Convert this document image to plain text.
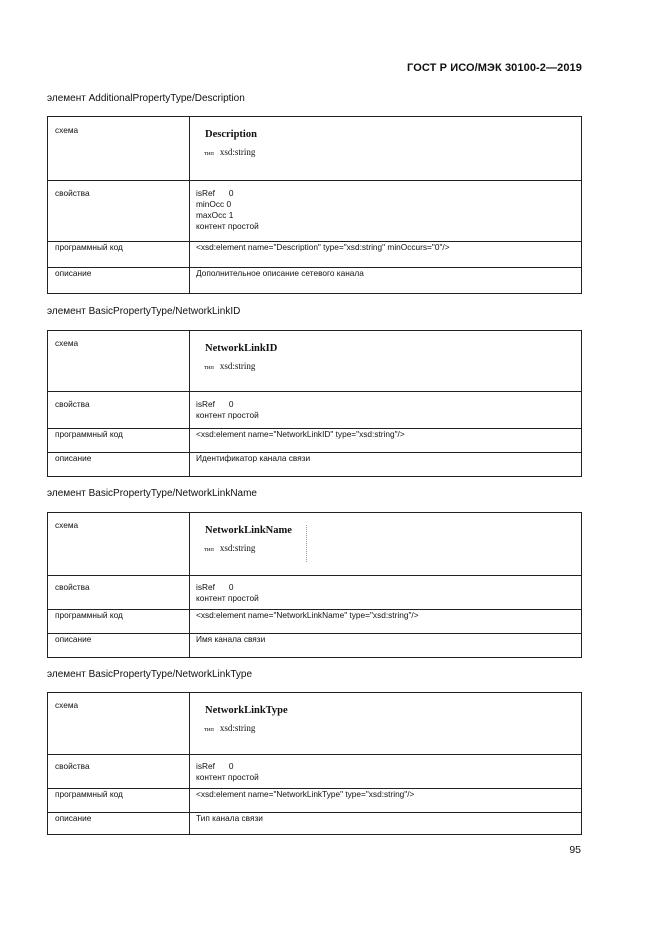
ГОСТ Р ИСО/МЭК 30100-2—2019
элемент AdditionalPropertyType/Description
схема	Description
тип xsd:string

свойства	isRef 0
minOcc 0
maxOcc 1
контент простой

программный код	<xsd:element name="Description" type="xsd:string" minOccurs="0"/>
описание	Дополнительное описание сетевого канала
элемент BasicPropertyType/NetworkLinkID
схема	NetworkLinkID
тип xsd:string

свойства	isRef 0
контент простой

программный код	<xsd:element name="NetworkLinkID" type="xsd:string"/>
описание	Идентификатор канала связи
элемент BasicPropertyType/NetworkLinkName
схема	NetworkLinkName
тип xsd:string

свойства	isRef 0
контент простой

программный код	<xsd:element name="NetworkLinkName" type="xsd:string"/>
описание	Имя канала связи
элемент BasicPropertyType/NetworkLinkType
схема	NetworkLinkType
тип xsd:string

свойства	isRef 0
контент простой

программный код	<xsd:element name="NetworkLinkType" type="xsd:string"/>
описание	Тип канала связи
95
